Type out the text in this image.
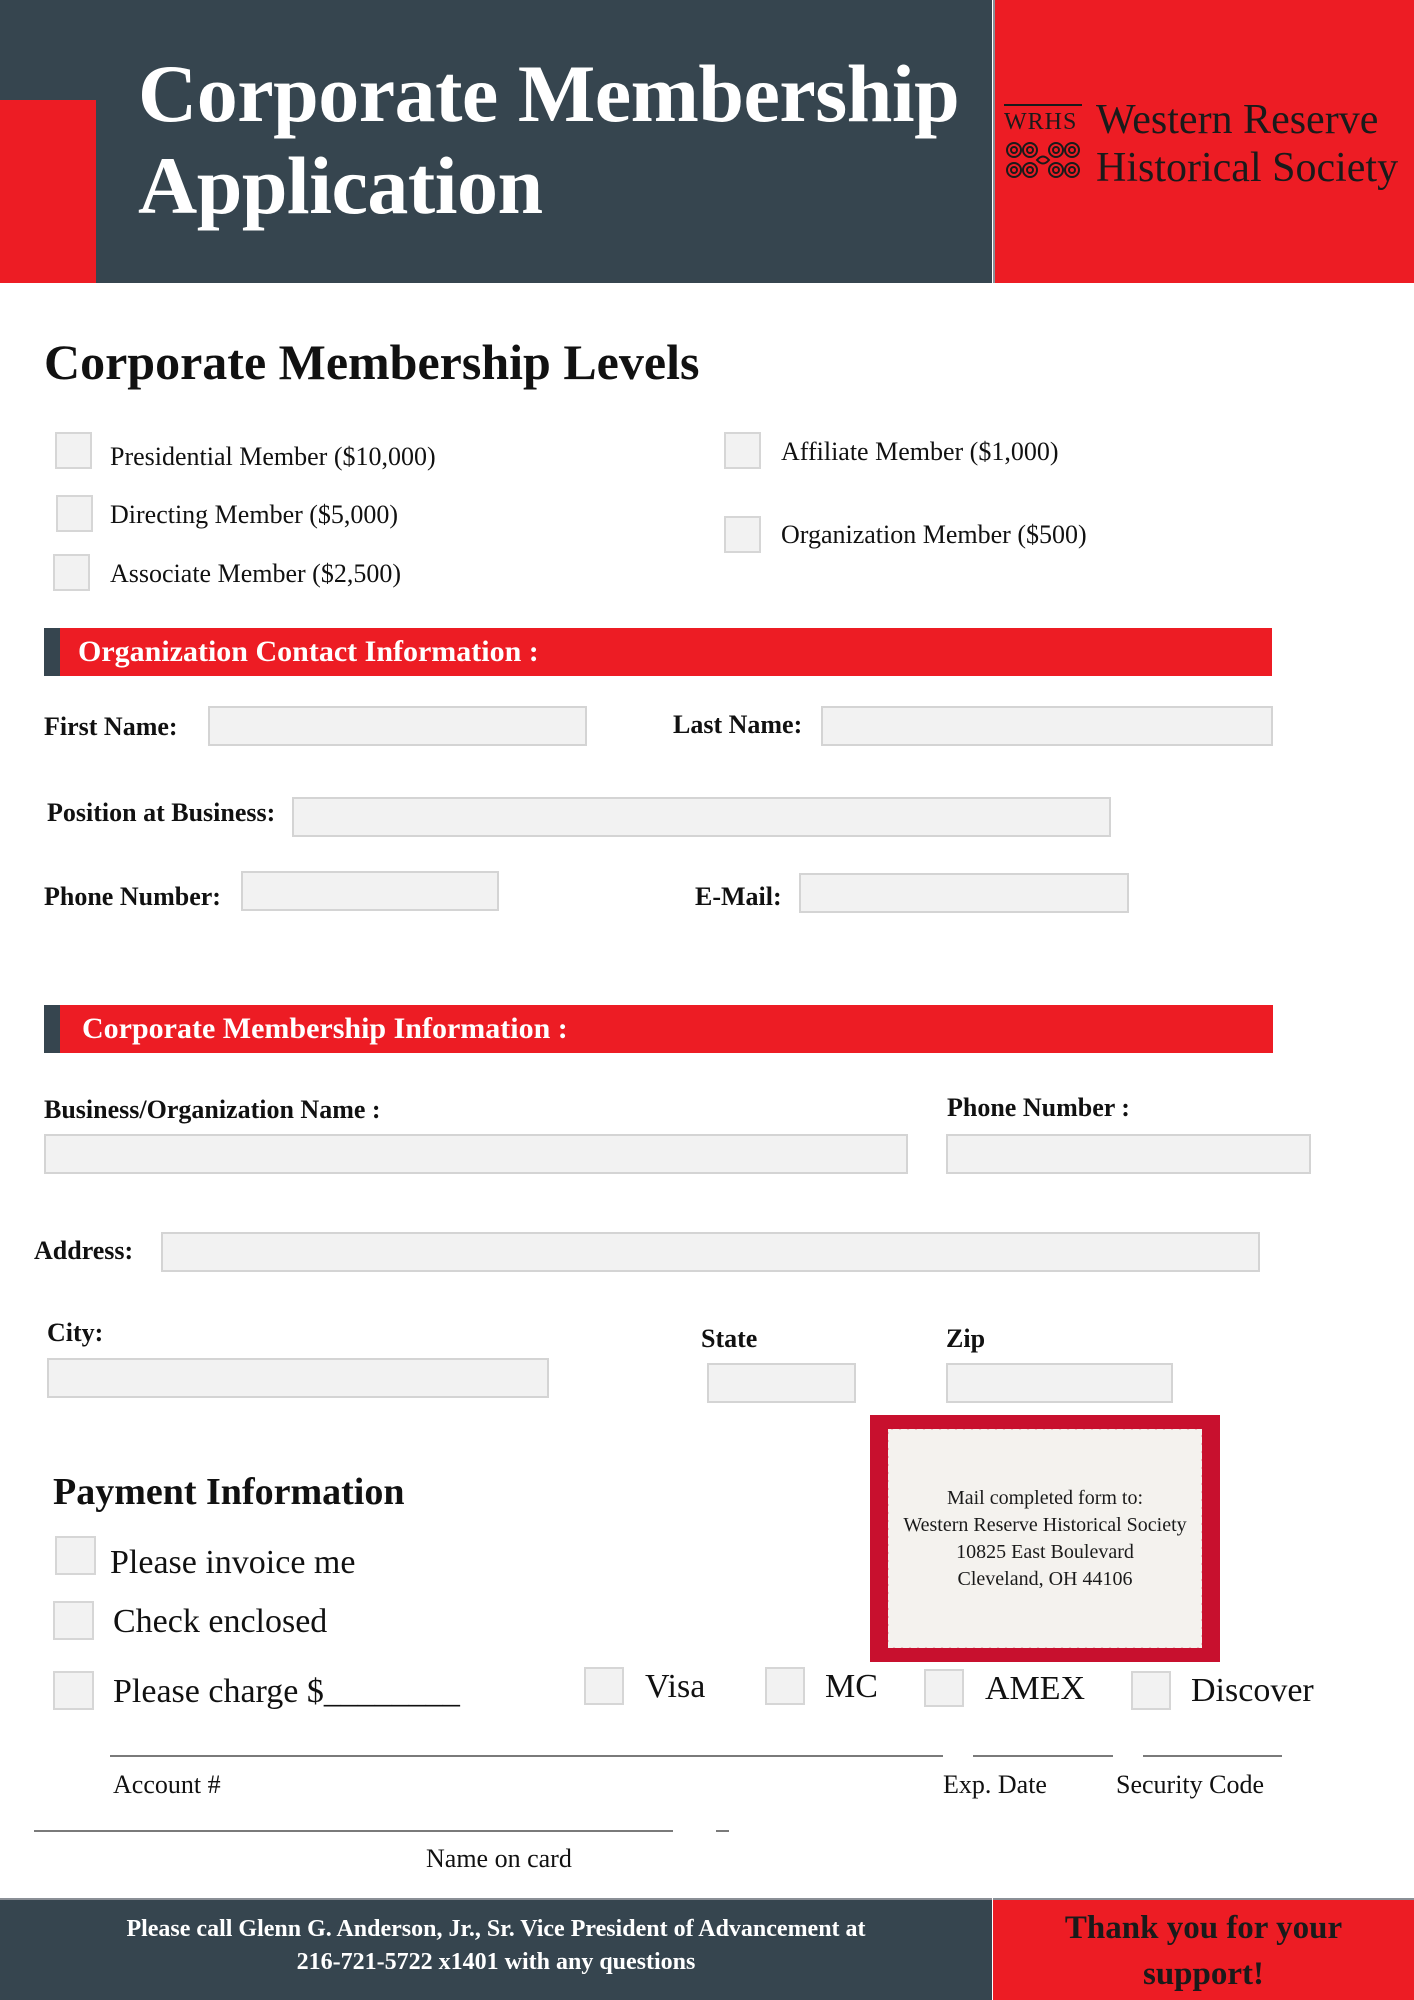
Corporate Membership
Application
WRHS Western Reserve
Historical Society
Corporate Membership Levels
Presidential Member ($10,000)
Directing Member ($5,000)
Associate Member ($2,500)
Affiliate Member ($1,000)
Organization Member ($500)
Organization Contact Information :
First Name:	Last Name:
Position at Business:
Phone Number:	E-Mail:
Corporate Membership Information :
Business/Organization Name :	Phone Number :
Address:
City:	State	Zip
Mail completed form to:
Western Reserve Historical Society
10825 East Boulevard
Cleveland, OH 44106
Payment Information
Please invoice me
Check enclosed
Please charge $________	Visa	MC	AMEX	Discover
Account #	Exp. Date	Security Code
Name on card
Please call Glenn G. Anderson, Jr., Sr. Vice President of Advancement at
216-721-5722 x1401 with any questions
Thank you for your
support!
